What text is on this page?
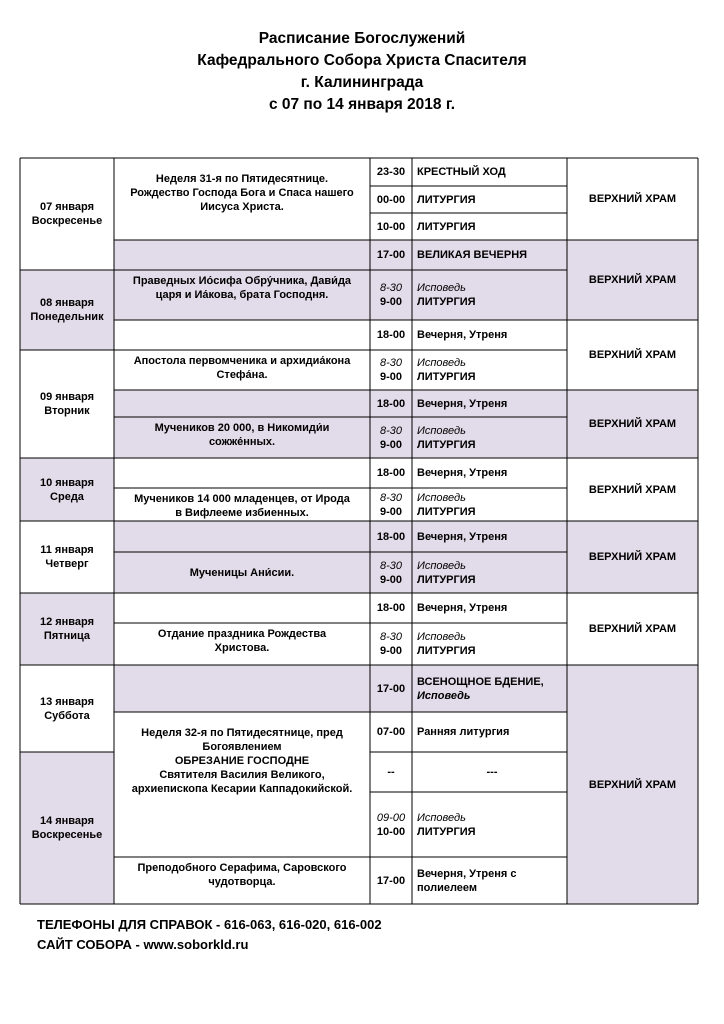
Расписание Богослужений
Кафедрального Собора Христа Спасителя
г. Калининграда
с 07 по 14 января 2018 г.
07 января
Воскресенье
08 января
Понедельник
09 января
Вторник
10 января
Среда
11 января
Четверг
12 января
Пятница
13 января
Суббота
14 января
Воскресенье
Неделя 31-я по Пятидесятнице.
Рождество Господа Бога и Спаса нашего
Иисуса Христа.
Праведных Ио́сифа Обру́чника, Дави́да
царя и Иа́кова, брата Господня.
Апостола первомченика и архидиа́кона
Стефа́на.
Мучеников 20 000, в Никомиди́и
сожже́нных.
Мучеников 14 000 младенцев, от Ирода
в Вифлееме избиенных.
Мученицы Ани́сии.
Отдание праздника Рождества
Христова.
Неделя 32-я по Пятидесятнице, пред
Богоявлением
ОБРЕЗАНИЕ ГОСПОДНЕ
Святителя Василия Великого,
архиепископа Кесарии Каппадокийской.
Преподобного Серафима, Саровского
чудотворца.
23-30 КРЕСТНЫЙ ХОД
00-00 ЛИТУРГИЯ
10-00 ЛИТУРГИЯ
17-00 ВЕЛИКАЯ ВЕЧЕРНЯ
8-30
9-00
Исповедь
ЛИТУРГИЯ
18-00 Вечерня, Утреня
8-30
9-00
Исповедь
ЛИТУРГИЯ
18-00 Вечерня, Утреня
8-30
9-00
Исповедь
ЛИТУРГИЯ
18-00 Вечерня, Утреня
8-30
9-00
Исповедь
ЛИТУРГИЯ
18-00 Вечерня, Утреня
8-30
9-00
Исповедь
ЛИТУРГИЯ
18-00 Вечерня, Утреня
8-30
9-00
Исповедь
ЛИТУРГИЯ
17-00
ВСЕНОЩНОЕ БДЕНИЕ,
Исповедь
07-00 Ранняя литургия
--	---
09-00
10-00
Исповедь
ЛИТУРГИЯ
17-00
Вечерня, Утреня с
полиелеем
ВЕРХНИЙ ХРАМ
ВЕРХНИЙ ХРАМ
ВЕРХНИЙ ХРАМ
ВЕРХНИЙ ХРАМ
ВЕРХНИЙ ХРАМ
ВЕРХНИЙ ХРАМ
ВЕРХНИЙ ХРАМ
ВЕРХНИЙ ХРАМ
ТЕЛЕФОНЫ ДЛЯ СПРАВОК - 616-063, 616-020, 616-002
САЙТ СОБОРА - www.soborkld.ru
